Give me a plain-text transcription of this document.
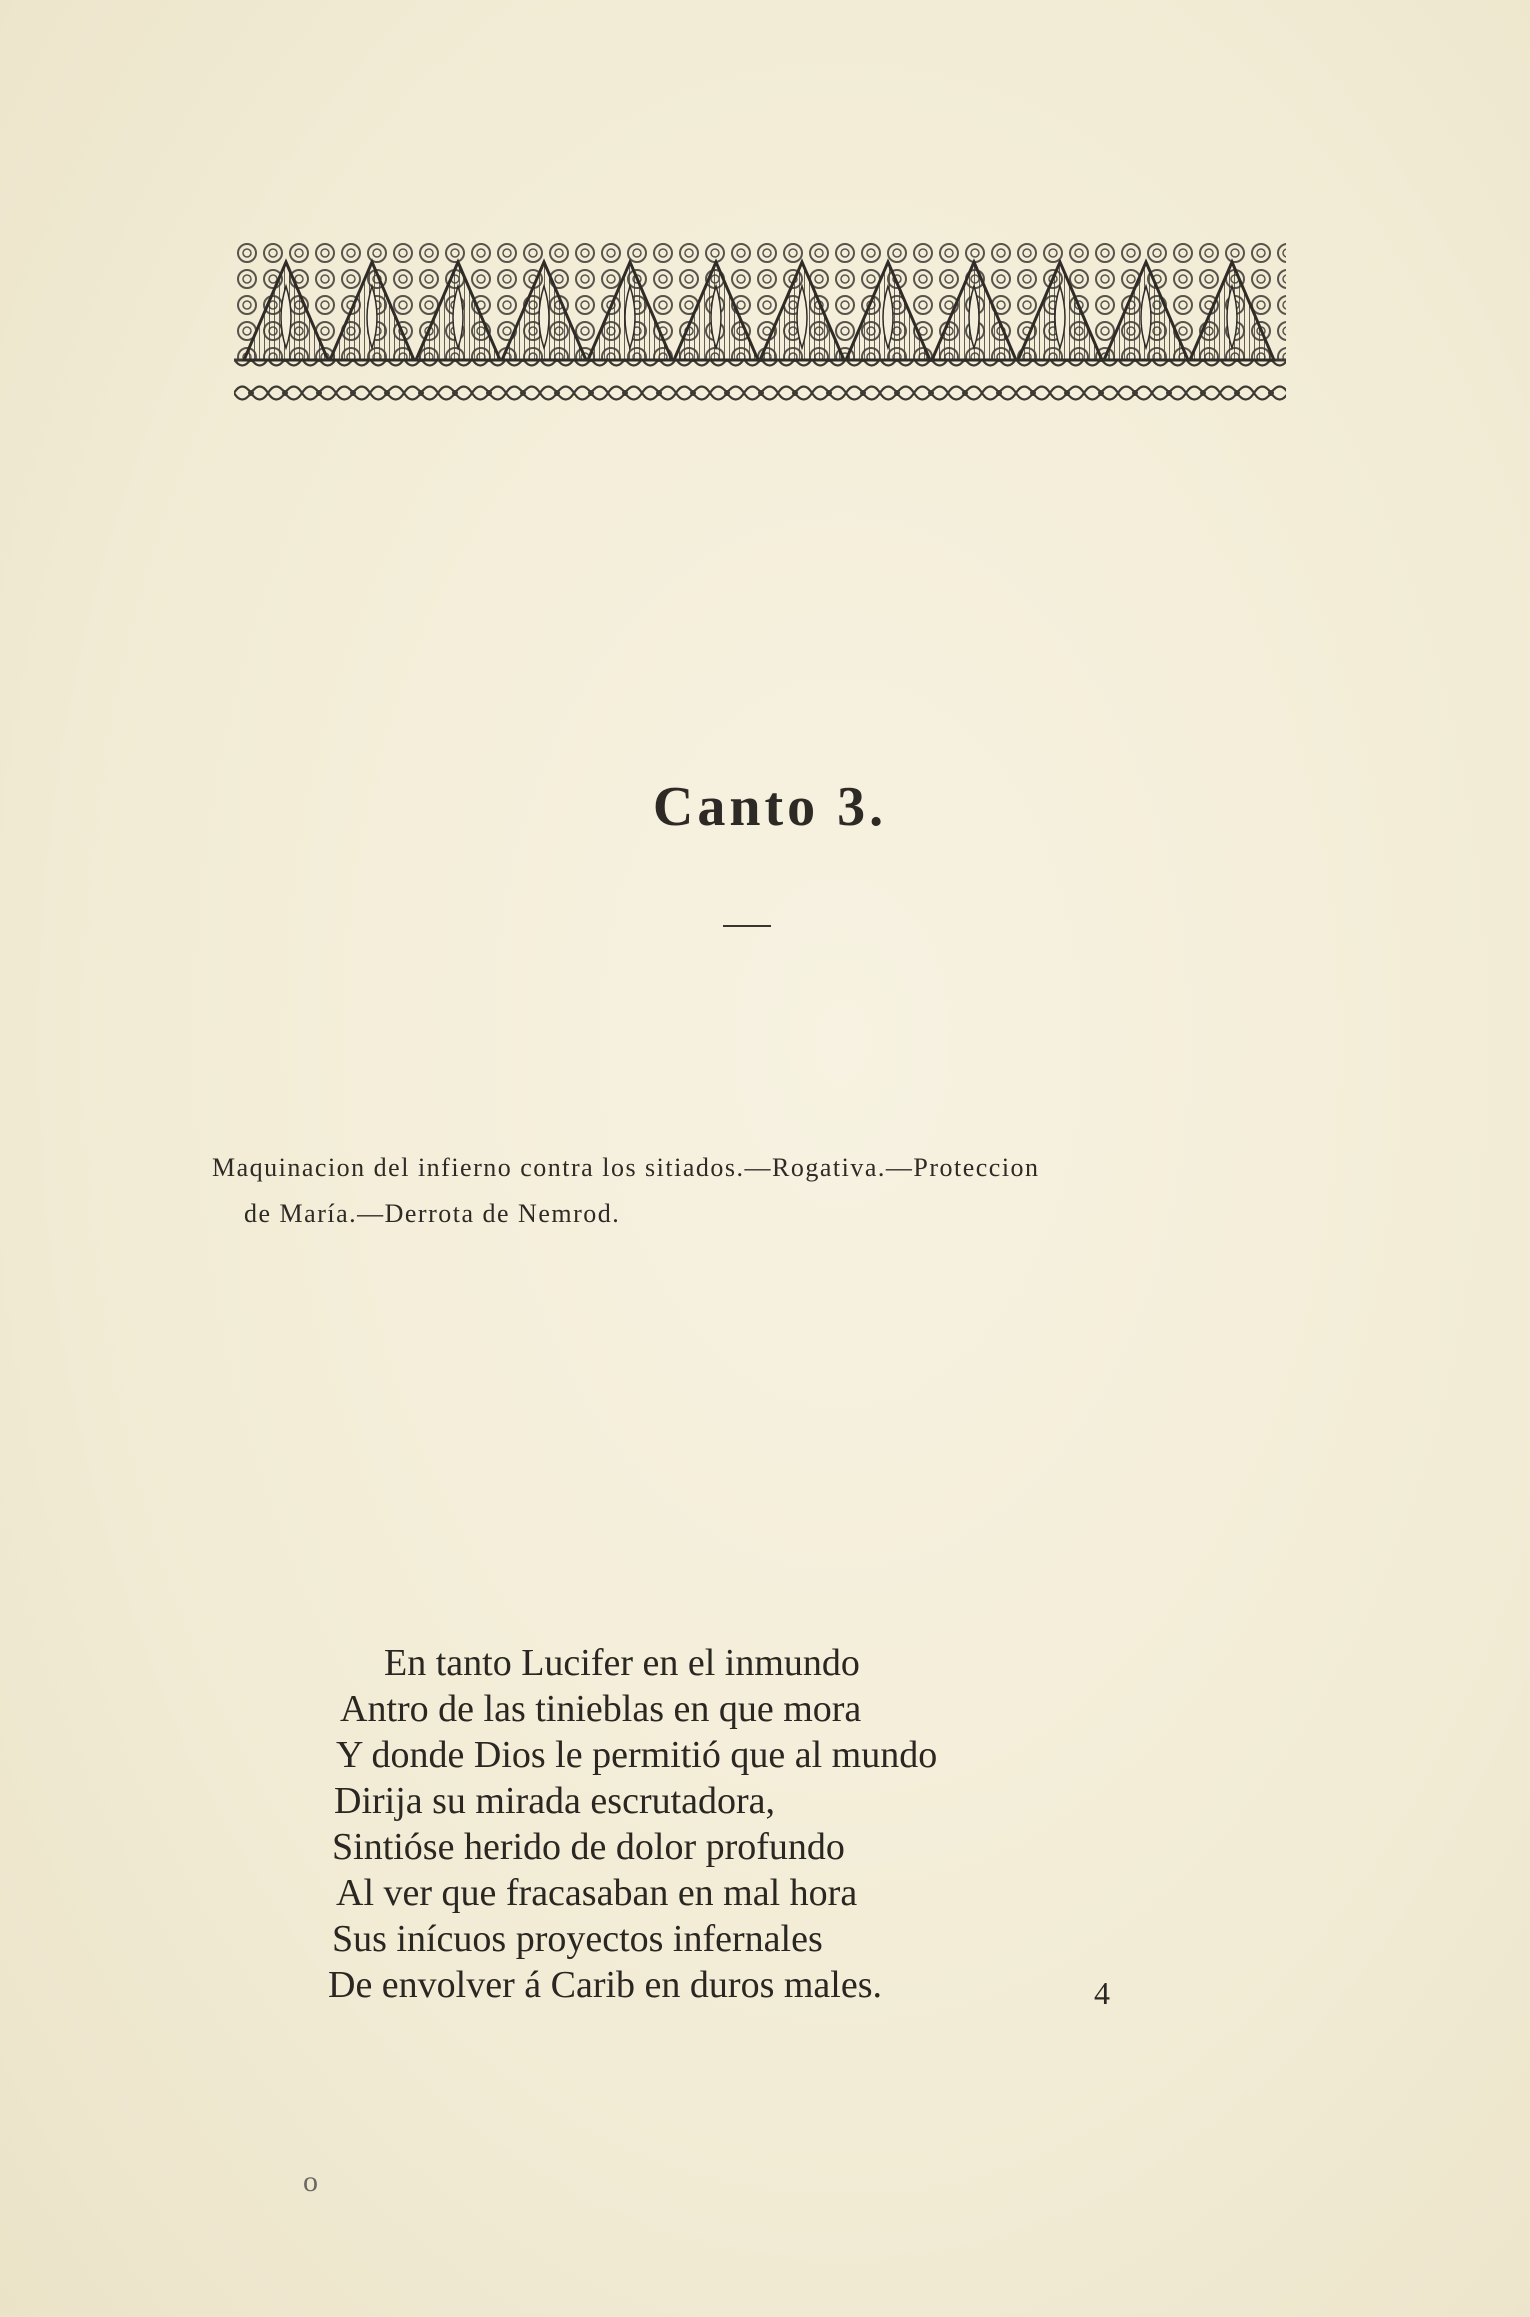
Canto 3.
Maquinacion del infierno contra los sitiados.—Rogativa.—Proteccion
de María.—Derrota de Nemrod.
En tanto Lucifer en el inmundo
Antro de las tinieblas en que mora
Y donde Dios le permitió que al mundo
Dirija su mirada escrutadora,
Sintióse herido de dolor profundo
Al ver que fracasaban en mal hora
Sus inícuos proyectos infernales
De envolver á Carib en duros males.	4
o
